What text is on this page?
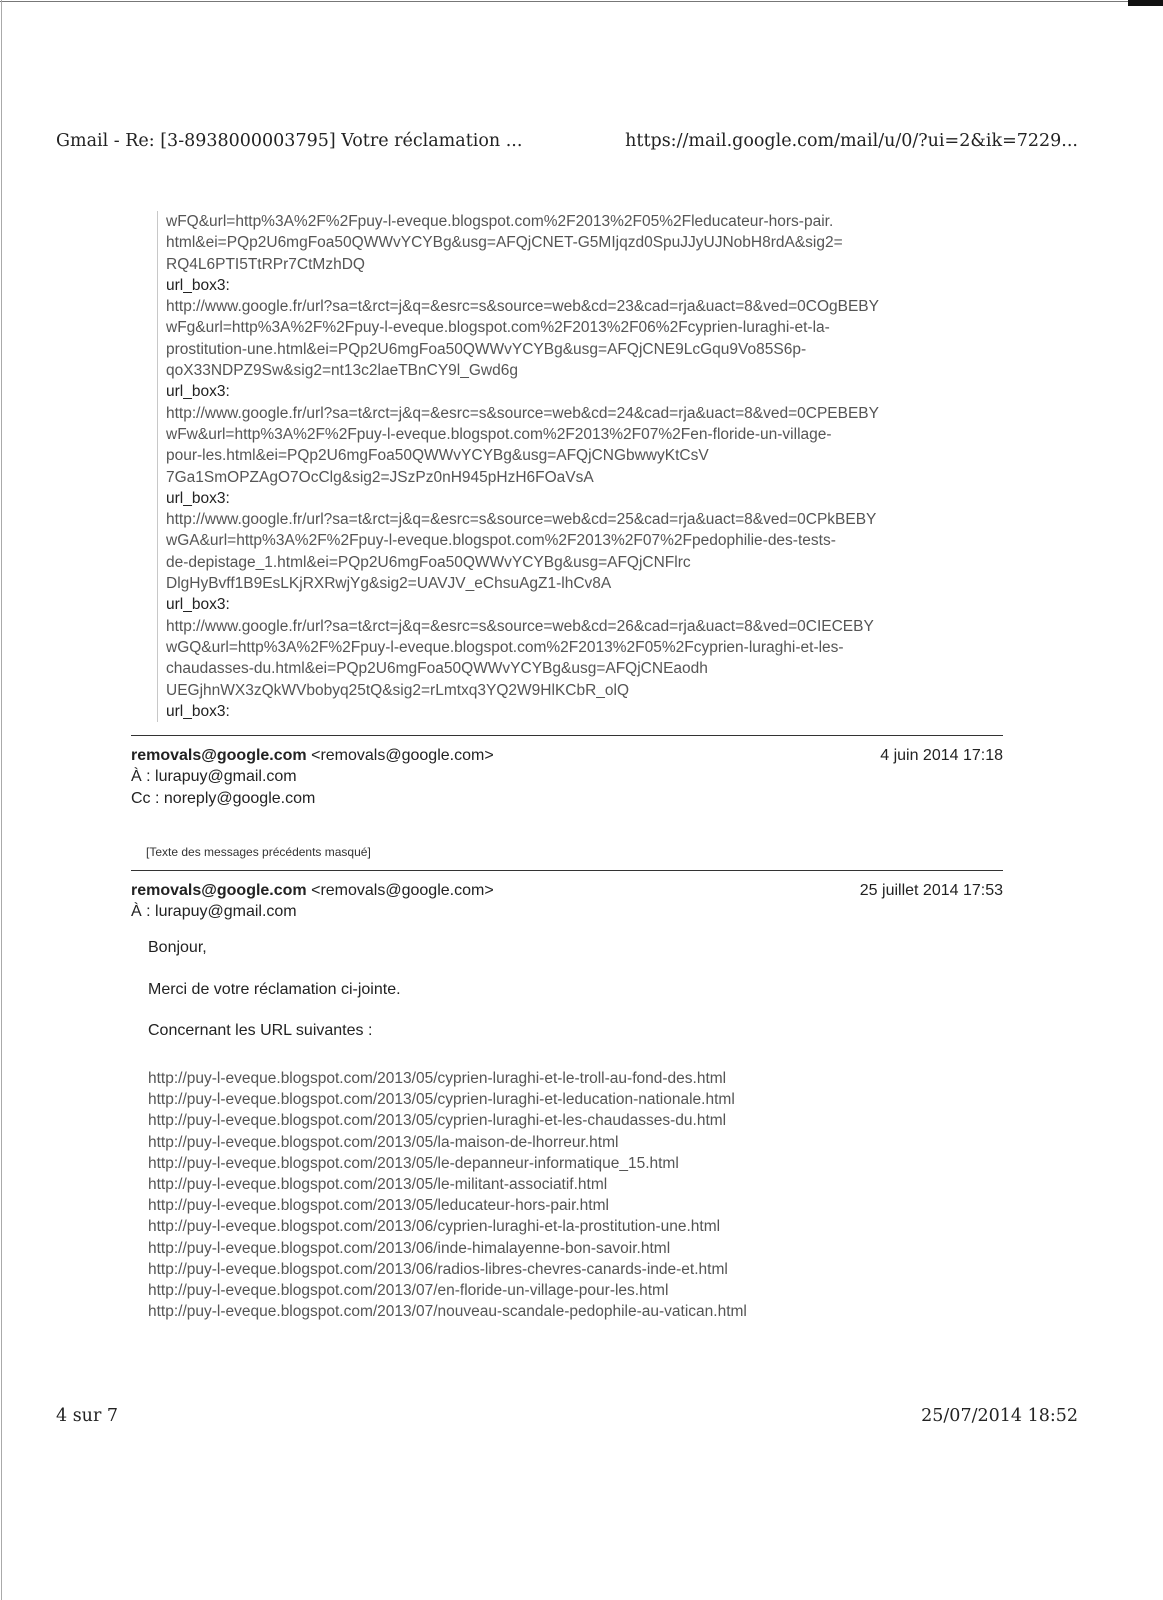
Gmail - Re: [3-8938000003795] Votre réclamation ...	https://mail.google.com/mail/u/0/?ui=2&ik=7229...
wFQ&url=http%3A%2F%2Fpuy-l-eveque.blogspot.com%2F2013%2F05%2Fleducateur-hors-pair.
html&ei=PQp2U6mgFoa50QWWvYCYBg&usg=AFQjCNET-G5MIjqzd0SpuJJyUJNobH8rdA&sig2=
RQ4L6PTI5TtRPr7CtMzhDQ
url_box3:
http://www.google.fr/url?sa=t&rct=j&q=&esrc=s&source=web&cd=23&cad=rja&uact=8&ved=0COgBEBY
wFg&url=http%3A%2F%2Fpuy-l-eveque.blogspot.com%2F2013%2F06%2Fcyprien-luraghi-et-la-
prostitution-une.html&ei=PQp2U6mgFoa50QWWvYCYBg&usg=AFQjCNE9LcGqu9Vo85S6p-
qoX33NDPZ9Sw&sig2=nt13c2laeTBnCY9l_Gwd6g
url_box3:
http://www.google.fr/url?sa=t&rct=j&q=&esrc=s&source=web&cd=24&cad=rja&uact=8&ved=0CPEBEBY
wFw&url=http%3A%2F%2Fpuy-l-eveque.blogspot.com%2F2013%2F07%2Fen-floride-un-village-
pour-les.html&ei=PQp2U6mgFoa50QWWvYCYBg&usg=AFQjCNGbwwyKtCsV
7Ga1SmOPZAgO7OcClg&sig2=JSzPz0nH945pHzH6FOaVsA
url_box3:
http://www.google.fr/url?sa=t&rct=j&q=&esrc=s&source=web&cd=25&cad=rja&uact=8&ved=0CPkBEBY
wGA&url=http%3A%2F%2Fpuy-l-eveque.blogspot.com%2F2013%2F07%2Fpedophilie-des-tests-
de-depistage_1.html&ei=PQp2U6mgFoa50QWWvYCYBg&usg=AFQjCNFlrc
DlgHyBvff1B9EsLKjRXRwjYg&sig2=UAVJV_eChsuAgZ1-lhCv8A
url_box3:
http://www.google.fr/url?sa=t&rct=j&q=&esrc=s&source=web&cd=26&cad=rja&uact=8&ved=0CIECEBY
wGQ&url=http%3A%2F%2Fpuy-l-eveque.blogspot.com%2F2013%2F05%2Fcyprien-luraghi-et-les-
chaudasses-du.html&ei=PQp2U6mgFoa50QWWvYCYBg&usg=AFQjCNEaodh
UEGjhnWX3zQkWVbobyq25tQ&sig2=rLmtxq3YQ2W9HlKCbR_olQ
url_box3:
removals@google.com <removals@google.com>	4 juin 2014 17:18
À : lurapuy@gmail.com
Cc : noreply@google.com
[Texte des messages précédents masqué]
removals@google.com <removals@google.com>	25 juillet 2014 17:53
À : lurapuy@gmail.com
Bonjour,
Merci de votre réclamation ci-jointe.
Concernant les URL suivantes :
http://puy-l-eveque.blogspot.com/2013/05/cyprien-luraghi-et-le-troll-au-fond-des.html
http://puy-l-eveque.blogspot.com/2013/05/cyprien-luraghi-et-leducation-nationale.html
http://puy-l-eveque.blogspot.com/2013/05/cyprien-luraghi-et-les-chaudasses-du.html
http://puy-l-eveque.blogspot.com/2013/05/la-maison-de-lhorreur.html
http://puy-l-eveque.blogspot.com/2013/05/le-depanneur-informatique_15.html
http://puy-l-eveque.blogspot.com/2013/05/le-militant-associatif.html
http://puy-l-eveque.blogspot.com/2013/05/leducateur-hors-pair.html
http://puy-l-eveque.blogspot.com/2013/06/cyprien-luraghi-et-la-prostitution-une.html
http://puy-l-eveque.blogspot.com/2013/06/inde-himalayenne-bon-savoir.html
http://puy-l-eveque.blogspot.com/2013/06/radios-libres-chevres-canards-inde-et.html
http://puy-l-eveque.blogspot.com/2013/07/en-floride-un-village-pour-les.html
http://puy-l-eveque.blogspot.com/2013/07/nouveau-scandale-pedophile-au-vatican.html
4 sur 7	25/07/2014 18:52
